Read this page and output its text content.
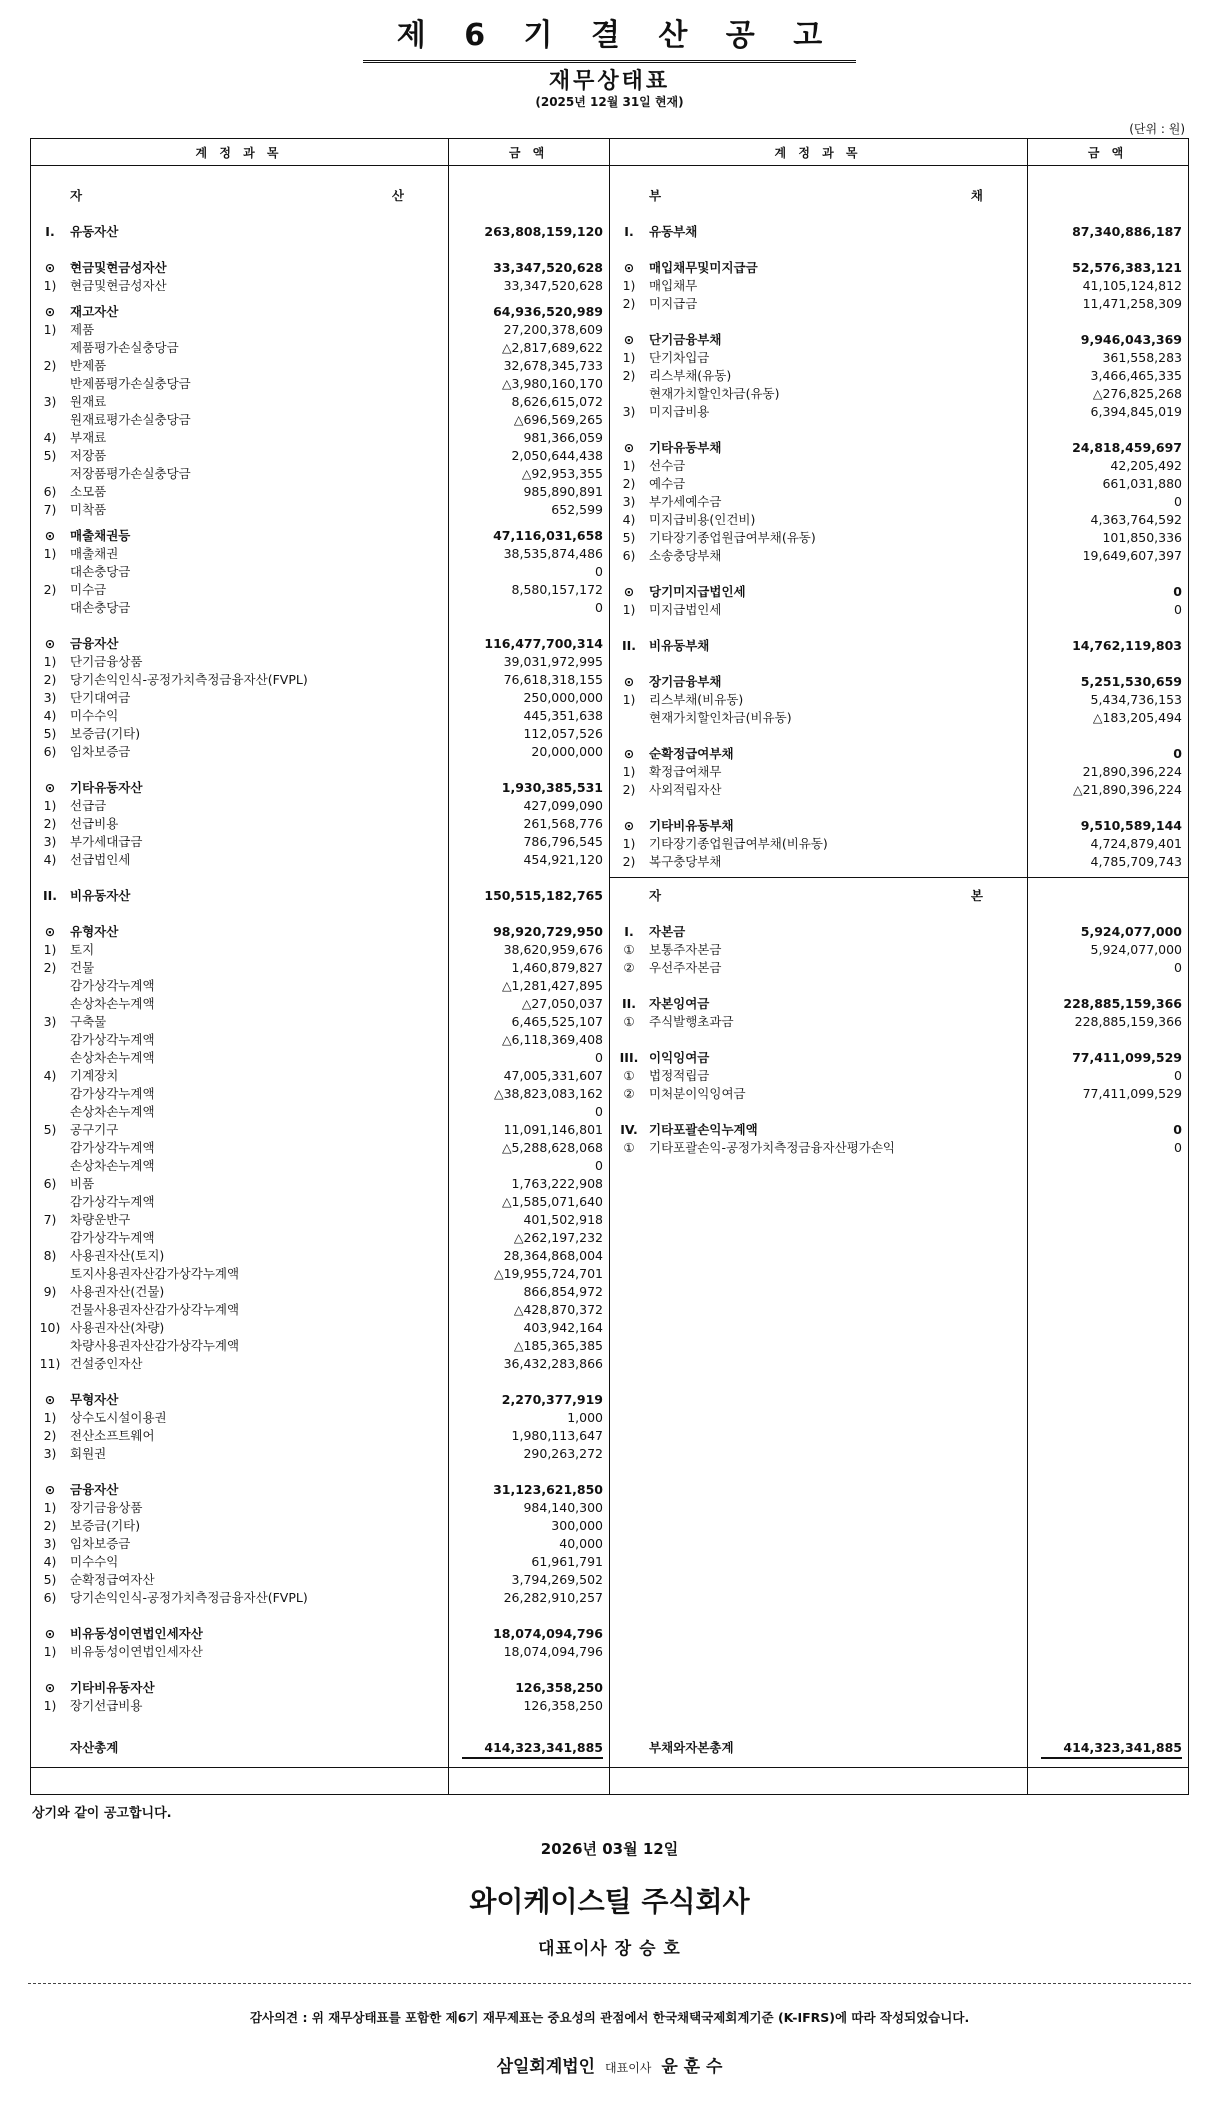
제 6 기 결 산 공 고
재무상태표
(2025년 12월 31일 현재)
(단위 : 원)
계 정 과 목	금 액	계 정 과 목	금 액
자 산
I.	유동자산	263,808,159,120
⊙	현금및현금성자산	33,347,520,628
1)	현금및현금성자산	33,347,520,628
⊙	재고자산	64,936,520,989
1)	제품	27,200,378,609
제품평가손실충당금	△2,817,689,622
2)	반제품	32,678,345,733
반제품평가손실충당금	△3,980,160,170
3)	원재료	8,626,615,072
원재료평가손실충당금	△696,569,265
4)	부재료	981,366,059
5)	저장품	2,050,644,438
저장품평가손실충당금	△92,953,355
6)	소모품	985,890,891
7)	미착품	652,599
⊙	매출채권등	47,116,031,658
1)	매출채권	38,535,874,486
대손충당금	0
2)	미수금	8,580,157,172
대손충당금	0
⊙	금융자산	116,477,700,314
1)	단기금융상품	39,031,972,995
2)	당기손익인식-공정가치측정금융자산(FVPL)	76,618,318,155
3)	단기대여금	250,000,000
4)	미수수익	445,351,638
5)	보증금(기타)	112,057,526
6)	임차보증금	20,000,000
⊙	기타유동자산	1,930,385,531
1)	선급금	427,099,090
2)	선급비용	261,568,776
3)	부가세대급금	786,796,545
4)	선급법인세	454,921,120
II.	비유동자산	150,515,182,765
⊙	유형자산	98,920,729,950
1)	토지	38,620,959,676
2)	건물	1,460,879,827
감가상각누계액	△1,281,427,895
손상차손누계액	△27,050,037
3)	구축물	6,465,525,107
감가상각누계액	△6,118,369,408
손상차손누계액	0
4)	기계장치	47,005,331,607
감가상각누계액	△38,823,083,162
손상차손누계액	0
5)	공구기구	11,091,146,801
감가상각누계액	△5,288,628,068
손상차손누계액	0
6)	비품	1,763,222,908
감가상각누계액	△1,585,071,640
7)	차량운반구	401,502,918
감가상각누계액	△262,197,232
8)	사용권자산(토지)	28,364,868,004
토지사용권자산감가상각누계액	△19,955,724,701
9)	사용권자산(건물)	866,854,972
건물사용권자산감가상각누계액	△428,870,372
10) 사용권자산(차량)	403,942,164
차량사용권자산감가상각누계액	△185,365,385
11) 건설중인자산	36,432,283,866
⊙	무형자산	2,270,377,919
1)	상수도시설이용권	1,000
2)	전산소프트웨어	1,980,113,647
3)	회원권	290,263,272
⊙	금융자산	31,123,621,850
1)	장기금융상품	984,140,300
2)	보증금(기타)	300,000
3)	임차보증금	40,000
4)	미수수익	61,961,791
5)	순확정급여자산	3,794,269,502
6)	당기손익인식-공정가치측정금융자산(FVPL)	26,282,910,257
⊙	비유동성이연법인세자산	18,074,094,796
1)	비유동성이연법인세자산	18,074,094,796
⊙	기타비유동자산	126,358,250
1)	장기선급비용	126,358,250
자산총계	414,323,341,885
부 채
I.	유동부채	87,340,886,187
⊙	매입채무및미지급금	52,576,383,121
1)	매입채무	41,105,124,812
2)	미지급금	11,471,258,309
⊙	단기금융부채	9,946,043,369
1)	단기차입금	361,558,283
2)	리스부채(유동)	3,466,465,335
현재가치할인차금(유동)	△276,825,268
3)	미지급비용	6,394,845,019
⊙	기타유동부채	24,818,459,697
1)	선수금	42,205,492
2)	예수금	661,031,880
3)	부가세예수금	0
4)	미지급비용(인건비)	4,363,764,592
5)	기타장기종업원급여부채(유동)	101,850,336
6)	소송충당부채	19,649,607,397
⊙	당기미지급법인세	0
1)	미지급법인세	0
II.	비유동부채	14,762,119,803
⊙	장기금융부채	5,251,530,659
1)	리스부채(비유동)	5,434,736,153
현재가치할인차금(비유동)	△183,205,494
⊙	순확정급여부채	0
1)	확정급여채무	21,890,396,224
2)	사외적립자산	△21,890,396,224
⊙	기타비유동부채	9,510,589,144
1)	기타장기종업원급여부채(비유동)	4,724,879,401
2)	복구충당부채	4,785,709,743
자 본
I.	자본금	5,924,077,000
①	보통주자본금	5,924,077,000
②	우선주자본금	0
II.	자본잉여금	228,885,159,366
①	주식발행초과금	228,885,159,366
III. 이익잉여금	77,411,099,529
①	법정적립금	0
②	미처분이익잉여금	77,411,099,529
IV. 기타포괄손익누계액	0
①	기타포괄손익-공정가치측정금융자산평가손익	0
부채와자본총계	414,323,341,885
상기와 같이 공고합니다.
2026년 03월 12일
와이케이스틸 주식회사
대표이사 장 승 호
감사의견 : 위 재무상태표를 포함한 제6기 재무제표는 중요성의 관점에서 한국채택국제회계기준 (K-IFRS)에 따라 작성되었습니다.
삼일회계법인 대표이사 윤 훈 수
